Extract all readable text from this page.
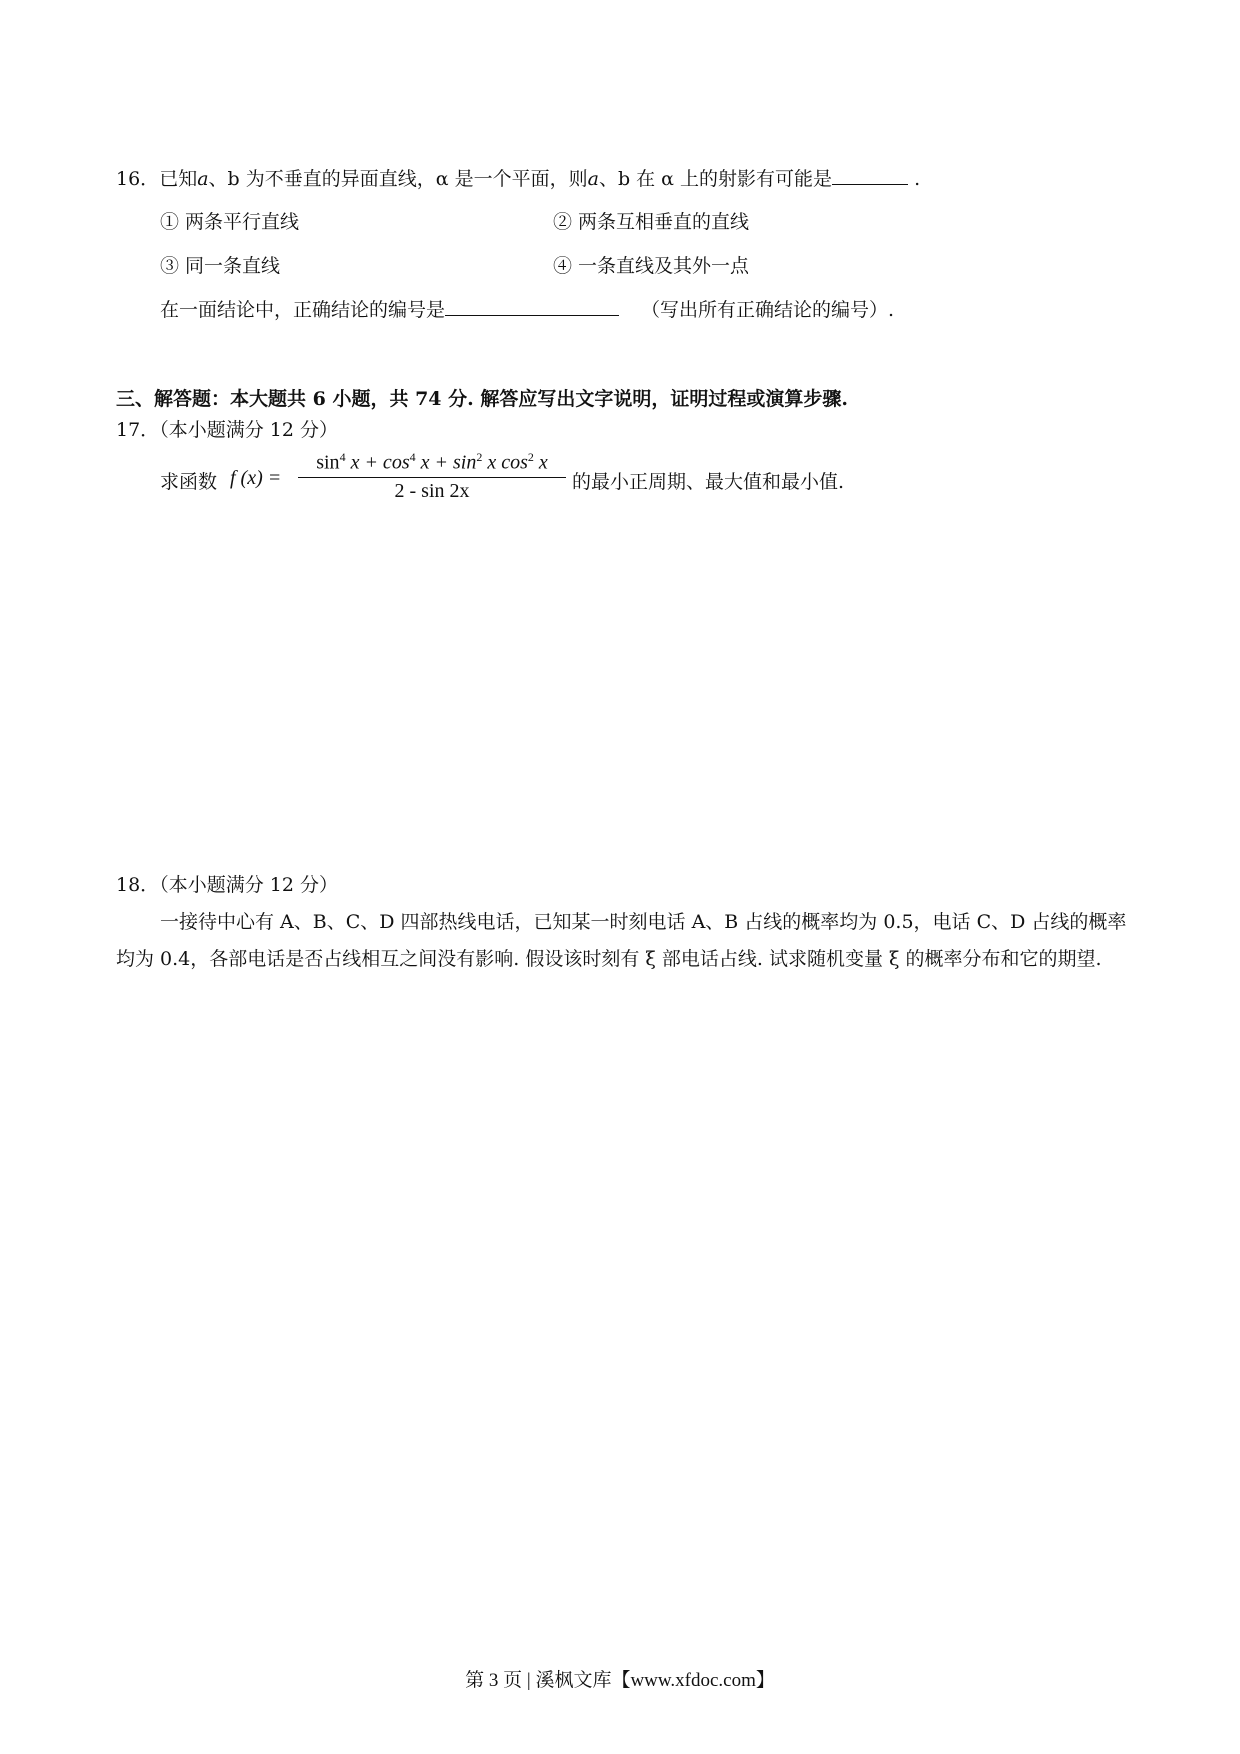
16．已知a、b 为不垂直的异面直线，α 是一个平面，则a、b 在 α 上的射影有可能是	.
① 两条平行直线	② 两条互相垂直的直线
③ 同一条直线	④ 一条直线及其外一点
在一面结论中，正确结论的编号是	（写出所有正确结论的编号）.
三、解答题：本大题共 6 小题，共 74 分. 解答应写出文字说明，证明过程或演算步骤.
17．（本小题满分 12 分）
求函数 f $(x) = \frac{\sin^4 x + \cos^4 x + \sin^2 x \cos^2 x}{2 - \sin 2x}$ 的最小正周期、最大值和最小值.
18．（本小题满分 12 分）
一接待中心有 A、B、C、D 四部热线电话，已知某一时刻电话 A、B 占线的概率均为 0.5，电话 C、D 占线的概率均为 0.4，各部电话是否占线相互之间没有影响. 假设该时刻有 ξ 部电话占线. 试求随机变量 ξ 的概率分布和它的期望.
第 3 页 | 溪枫文库【www.xfdoc.com】
